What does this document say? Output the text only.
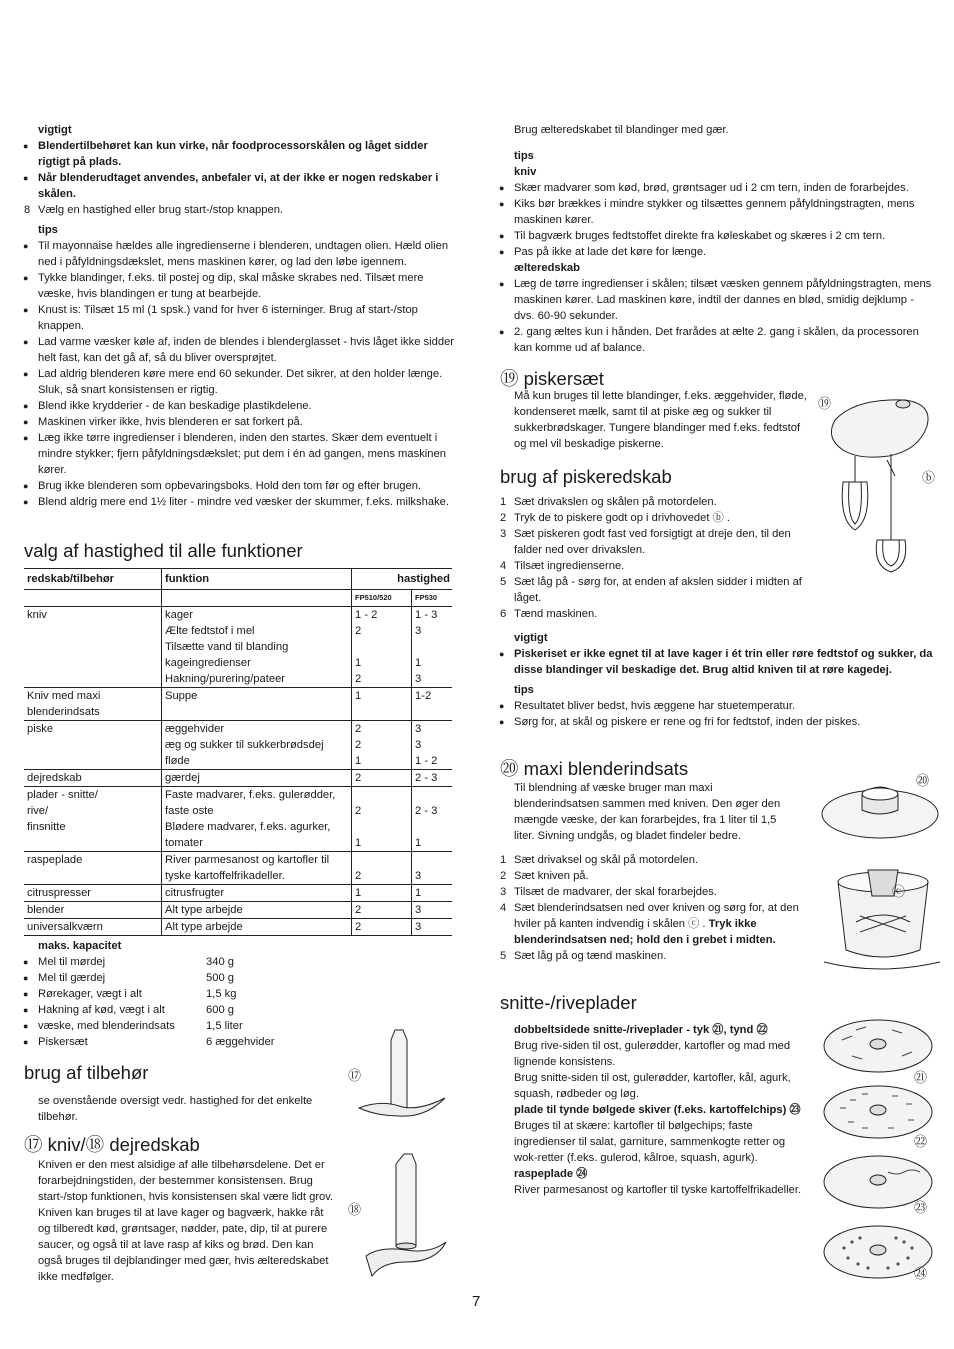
vigtigt
● Blendertilbehøret kan kun virke, når foodprocessorskålen og låget sidder rigtigt på plads.
● Når blenderudtaget anvendes, anbefaler vi, at der ikke er nogen redskaber i skålen.
8 Vælg en hastighed eller brug start-/stop knappen.
tips
● Til mayonnaise hældes alle ingredienserne i blenderen, undtagen olien. Hæld olien ned i påfyldningsdækslet, mens maskinen kører, og lad den løbe igennem.
● Tykke blandinger, f.eks. til postej og dip, skal måske skrabes ned. Tilsæt mere væske, hvis blandingen er tung at bearbejde.
● Knust is: Tilsæt 15 ml (1 spsk.) vand for hver 6 isterninger. Brug af start-/stop knappen.
● Lad varme væsker køle af, inden de blendes i blenderglasset - hvis låget ikke sidder helt fast, kan det gå af, så du bliver oversprøjtet.
● Lad aldrig blenderen køre mere end 60 sekunder. Det sikrer, at den holder længe. Sluk, så snart konsistensen er rigtig.
● Blend ikke krydderier - de kan beskadige plastikdelene.
● Maskinen virker ikke, hvis blenderen er sat forkert på.
● Læg ikke tørre ingredienser i blenderen, inden den startes. Skær dem eventuelt i mindre stykker; fjern påfyldningsdækslet; put dem i én ad gangen, mens maskinen kører.
● Brug ikke blenderen som opbevaringsboks. Hold den tom før og efter brugen.
● Blend aldrig mere end 1½ liter - mindre ved væsker der skummer, f.eks. milkshake.
valg af hastighed til alle funktioner
redskab/tilbehør	funktion	hastighed	
		FP510/520	FP530
kniv	kager	1 - 2	1 - 3
	Ælte fedtstof i mel	2	3
	Tilsætte vand til blanding		
	kageingredienser	1	1
	Hakning/purering/pateer	2	3
Kniv med maxi	Suppe	1	1-2
blenderindsats			
piske	æggehvider	2	3
	æg og sukker til sukkerbrødsdej	2	3
	fløde	1	1 - 2
dejredskab	gærdej	2	2 - 3
plader - snitte/	Faste madvarer, f.eks. gulerødder,		
rive/	faste oste	2	2 - 3
finsnitte	Blødere madvarer, f.eks. agurker,		
	tomater	1	1
raspeplade	River parmesanost og kartofler til		
	tyske kartoffelfrikadeller.	2	3
citruspresser	citrusfrugter	1	1
blender	Alt type arbejde	2	3
universalkværn	Alt type arbejde	2	3
maks. kapacitet
● Mel til mørdej	340 g
● Mel til gærdej	500 g
● Rørekager, vægt i alt	1,5 kg
● Hakning af kød, vægt i alt	600 g
● væske, med blenderindsats	1,5 liter
● Piskersæt	6 æggehvider
brug af tilbehør
se ovenstående oversigt vedr. hastighed for det enkelte tilbehør.
⑰ kniv/⑱ dejredskab
Kniven er den mest alsidige af alle tilbehørsdelene. Det er forarbejdningstiden, der bestemmer konsistensen. Brug start-/stop funktionen, hvis konsistensen skal være lidt grov. Kniven kan bruges til at lave kager og bagværk, hakke råt og tilberedt kød, grøntsager, nødder, pate, dip, til at purere saucer, og også til at lave rasp af kiks og brød. Den kan også bruges til dejblandinger med gær, hvis ælteredskabet ikke medfølger.
⑰
⑱
Brug ælteredskabet til blandinger med gær.
tips
kniv
● Skær madvarer som kød, brød, grøntsager ud i 2 cm tern, inden de forarbejdes.
● Kiks bør brækkes i mindre stykker og tilsættes gennem påfyldningstragten, mens maskinen kører.
● Til bagværk bruges fedtstoffet direkte fra køleskabet og skæres i 2 cm tern.
● Pas på ikke at lade det køre for længe.
ælteredskab
● Læg de tørre ingredienser i skålen; tilsæt væsken gennem påfyldningstragten, mens maskinen kører. Lad maskinen køre, indtil der dannes en blød, smidig dejklump - dvs. 60-90 sekunder.
● 2. gang æltes kun i hånden. Det frarådes at ælte 2. gang i skålen, da processoren kan komme ud af balance.
⑲ piskersæt
Må kun bruges til lette blandinger, f.eks. æggehvider, fløde, kondenseret mælk, samt til at piske æg og sukker til sukkerbrødskager. Tungere blandinger med f.eks. fedtstof og mel vil beskadige piskerne.
brug af piskeredskab
1 Sæt drivakslen og skålen på motordelen.
2 Tryk de to piskere godt op i drivhovedet ⓑ .
3 Sæt piskeren godt fast ved forsigtigt at dreje den, til den falder ned over drivakslen.
4 Tilsæt ingredienserne.
5 Sæt låg på - sørg for, at enden af akslen sidder i midten af låget.
6 Tænd maskinen.
vigtigt
● Piskeriset er ikke egnet til at lave kager i ét trin eller røre fedtstof og sukker, da disse blandinger vil beskadige det. Brug altid kniven til at røre kagedej.
tips
● Resultatet bliver bedst, hvis æggene har stuetemperatur.
● Sørg for, at skål og piskere er rene og fri for fedtstof, inden der piskes.
⑲
ⓑ
⑳ maxi blenderindsats
Til blendning af væske bruger man maxi blenderindsatsen sammen med kniven. Den øger den mængde væske, der kan forarbejdes, fra 1 liter til 1,5 liter. Sivning undgås, og bladet findeler bedre.
1 Sæt drivaksel og skål på motordelen.
2 Sæt kniven på.
3 Tilsæt de madvarer, der skal forarbejdes.
4 Sæt blenderindsatsen ned over kniven og sørg for, at den hviler på kanten indvendig i skålen ⓒ . Tryk ikke blenderindsatsen ned; hold den i grebet i midten.
5 Sæt låg på og tænd maskinen.
⑳
ⓒ
snitte-/riveplader
dobbeltsidede snitte-/riveplader - tyk ㉑, tynd ㉒
Brug rive-siden til ost, gulerødder, kartofler og mad med lignende konsistens.
Brug snitte-siden til ost, gulerødder, kartofler, kål, agurk, squash, rødbeder og løg.
plade til tynde bølgede skiver (f.eks. kartoffelchips) ㉓
Bruges til at skære: kartofler til bølgechips; faste ingredienser til salat, garniture, sammenkogte retter og wok-retter (f.eks. gulerod, kålroe, squash, agurk).
raspeplade ㉔
River parmesanost og kartofler til tyske kartoffelfrikadeller.
㉑
㉒
㉓
㉔
7
